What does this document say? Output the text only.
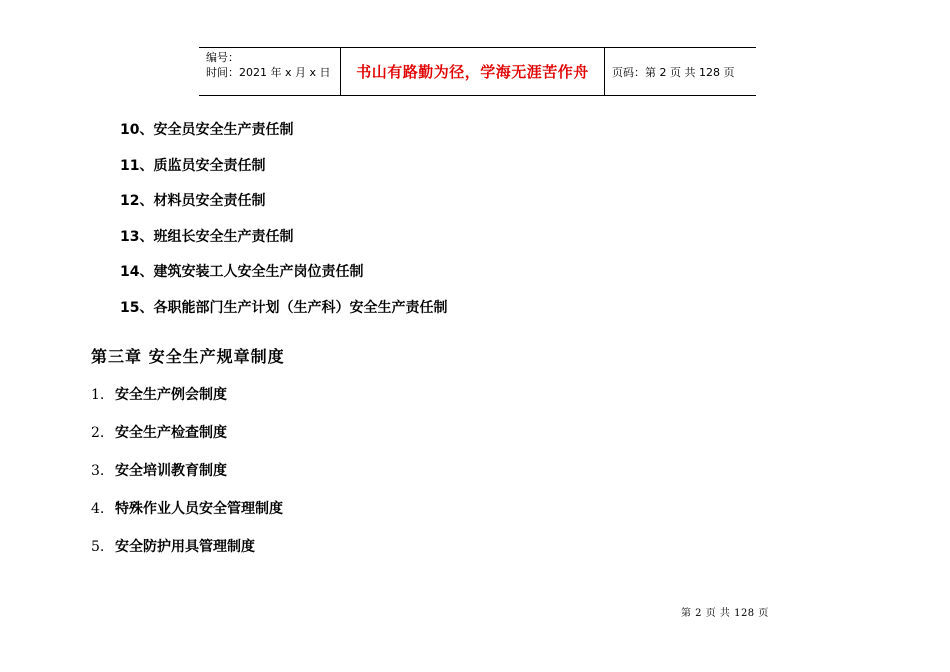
编号：
时间：2021 年 x 月 x 日	书山有路勤为径，学海无涯苦作舟 页码：第 2 页 共 128 页
10、 安全员安全生产责任制
11、 质监员安全责任制
12、 材料员安全责任制
13、 班组长安全生产责任制
14、 建筑安装工人安全生产岗位责任制
15、 各职能部门生产计划（生产科）安全生产责任制
第三章 安全生产规章制度
1. 安全生产例会制度
2. 安全生产检查制度
3. 安全培训教育制度
4. 特殊作业人员安全管理制度
5. 安全防护用具管理制度
第 2 页 共 128 页
